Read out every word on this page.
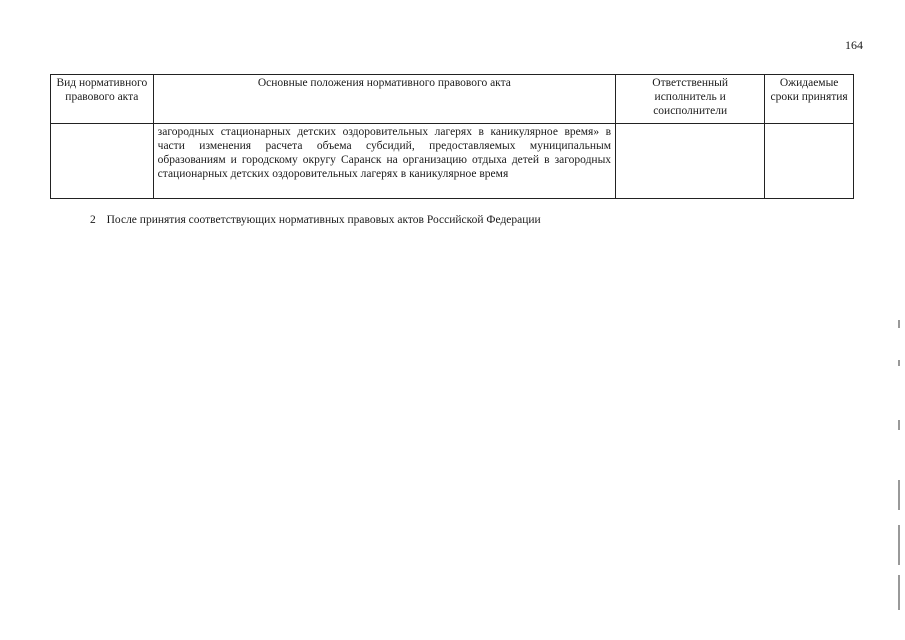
164
Вид нормативного правового акта	Основные положения нормативного правового акта	Ответственный исполнитель и соисполнители	Ожидаемые сроки принятия
	загородных стационарных детских оздоровительных лагерях в каникулярное время» в части изменения расчета объема субсидий, предоставляемых муниципальным образованиям и городскому округу Саранск на организацию отдыха детей в загородных стационарных детских оздоровительных лагерях в каникулярное время		
2 После принятия соответствующих нормативных правовых актов Российской Федерации
